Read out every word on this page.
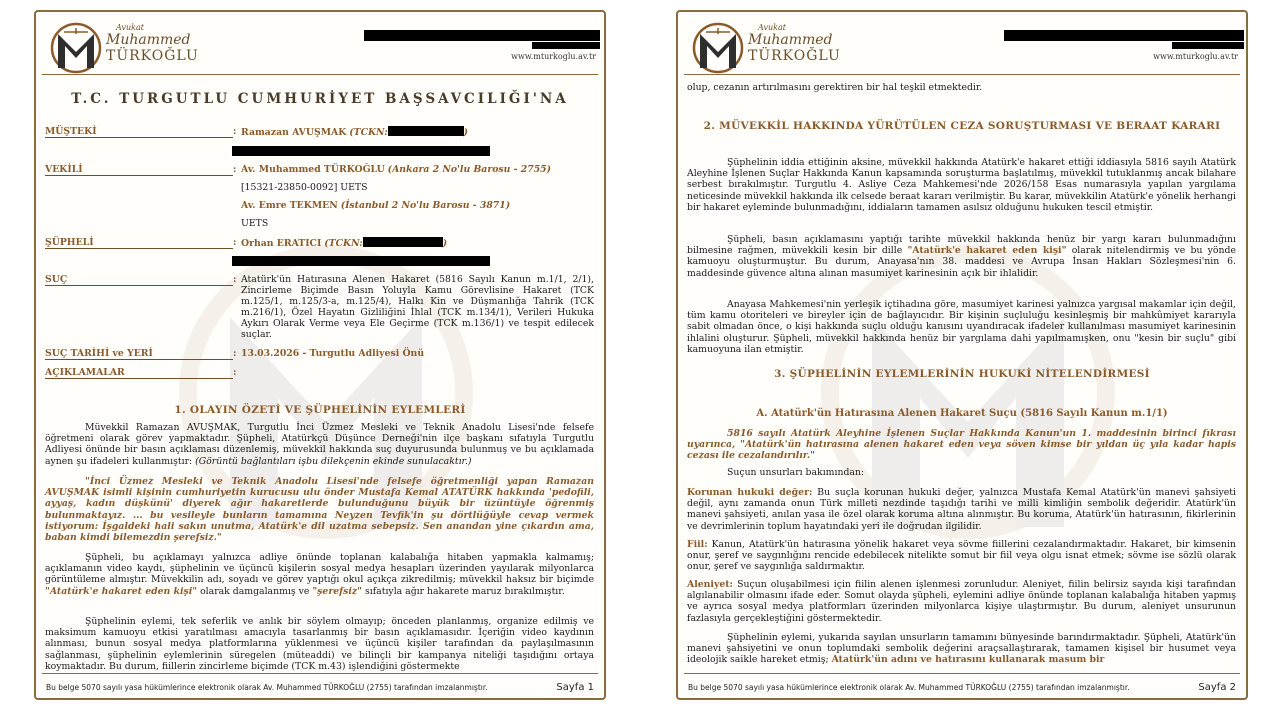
Avukat
Muhammed
TÜRKOĞLU	www.mturkoglu.av.tr
T.C. TURGUTLU CUMHURİYET BAŞSAVCILIĞI'NA
MÜŞTEKİ	: Ramazan AVUŞMAK (TCKN:	)
VEKİLİ	: Av. Muhammed TÜRKOĞLU (Ankara 2 No'lu Barosu - 2755)
[15321-23850-0092] UETS
Av. Emre TEKMEN (İstanbul 2 No'lu Barosu - 3871)
UETS
ŞÜPHELİ	: Orhan ERATICI (TCKN:	)
SUÇ	: Atatürk'ün Hatırasına Alenen Hakaret (5816 Sayılı Kanun m.1/1, 2/1), Zincirleme Biçimde Basın Yoluyla Kamu Görevlisine Hakaret (TCK m.125/1, m.125/3-a, m.125/4), Halkı Kin ve Düşmanlığa Tahrik (TCK m.216/1), Özel Hayatın Gizliliğini İhlal (TCK m.134/1), Verileri Hukuka Aykırı Olarak Verme veya Ele Geçirme (TCK m.136/1) ve tespit edilecek suçlar.
SUÇ TARİHİ ve YERİ	: 13.03.2026 - Turgutlu Adliyesi Önü
AÇIKLAMALAR	:
1. OLAYIN ÖZETİ VE ŞÜPHELİNİN EYLEMLERİ
Müvekkil Ramazan AVUŞMAK, Turgutlu İnci Üzmez Mesleki ve Teknik Anadolu Lisesi'nde felsefe öğretmeni olarak görev yapmaktadır. Şüpheli, Atatürkçü Düşünce Derneği'nin ilçe başkanı sıfatıyla Turgutlu Adliyesi önünde bir basın açıklaması düzenlemiş, müvekkil hakkında suç duyurusunda bulunmuş ve bu açıklamada aynen şu ifadeleri kullanmıştır: (Görüntü bağlantıları işbu dilekçenin ekinde sunulacaktır.)
"İnci Üzmez Mesleki ve Teknik Anadolu Lisesi'nde felsefe öğretmenliği yapan Ramazan AVUŞMAK isimli kişinin cumhuriyetin kurucusu ulu önder Mustafa Kemal ATATÜRK hakkında 'pedofili, ayyaş, kadın düşkünü' diyerek ağır hakaretlerde bulunduğunu büyük bir üzüntüyle öğrenmiş bulunmaktayız. ... bu vesileyle bunların tamamına Neyzen Tevfik'in şu dörtlüğüyle cevap vermek istiyorum: İşgaldeki hali sakın unutma, Atatürk'e dil uzatma sebepsiz. Sen anandan yine çıkardın ama, baban kimdi bilemezdin şerefsiz."
Şüpheli, bu açıklamayı yalnızca adliye önünde toplanan kalabalığa hitaben yapmakla kalmamış; açıklamanın video kaydı, şüphelinin ve üçüncü kişilerin sosyal medya hesapları üzerinden yayılarak milyonlarca görüntüleme almıştır. Müvekkilin adı, soyadı ve görev yaptığı okul açıkça zikredilmiş; müvekkil haksız bir biçimde "Atatürk'e hakaret eden kişi" olarak damgalanmış ve "şerefsiz" sıfatıyla ağır hakarete maruz bırakılmıştır.
Şüphelinin eylemi, tek seferlik ve anlık bir söylem olmayıp; önceden planlanmış, organize edilmiş ve maksimum kamuoyu etkisi yaratılması amacıyla tasarlanmış bir basın açıklamasıdır. İçeriğin video kaydının alınması, bunun sosyal medya platformlarına yüklenmesi ve üçüncü kişiler tarafından da paylaşılmasının sağlanması, şüphelinin eylemlerinin süregelen (müteaddi) ve bilinçli bir kampanya niteliği taşıdığını ortaya koymaktadır. Bu durum, fiillerin zincirleme biçimde (TCK m.43) işlendiğini göstermekte
Bu belge 5070 sayılı yasa hükümlerince elektronik olarak Av. Muhammed TÜRKOĞLU (2755) tarafından imzalanmıştır.	Sayfa 1
Avukat
Muhammed
TÜRKOĞLU	www.mturkoglu.av.tr
olup, cezanın artırılmasını gerektiren bir hal teşkil etmektedir.
2. MÜVEKKİL HAKKINDA YÜRÜTÜLEN CEZA SORUŞTURMASI VE BERAAT KARARI
Şüphelinin iddia ettiğinin aksine, müvekkil hakkında Atatürk'e hakaret ettiği iddiasıyla 5816 sayılı Atatürk Aleyhine İşlenen Suçlar Hakkında Kanun kapsamında soruşturma başlatılmış, müvekkil tutuklanmış ancak bilahare serbest bırakılmıştır. Turgutlu 4. Asliye Ceza Mahkemesi'nde 2026/158 Esas numarasıyla yapılan yargılama neticesinde müvekkil hakkında ilk celsede beraat kararı verilmiştir. Bu karar, müvekkilin Atatürk'e yönelik herhangi bir hakaret eyleminde bulunmadığını, iddiaların tamamen asılsız olduğunu hukuken tescil etmiştir.
Şüpheli, basın açıklamasını yaptığı tarihte müvekkil hakkında henüz bir yargı kararı bulunmadığını bilmesine rağmen, müvekkili kesin bir dille "Atatürk'e hakaret eden kişi" olarak nitelendirmiş ve bu yönde kamuoyu oluşturmuştur. Bu durum, Anayasa'nın 38. maddesi ve Avrupa İnsan Hakları Sözleşmesi'nin 6. maddesinde güvence altına alınan masumiyet karinesinin açık bir ihlalidir.
Anayasa Mahkemesi'nin yerleşik içtihadına göre, masumiyet karinesi yalnızca yargısal makamlar için değil, tüm kamu otoriteleri ve bireyler için de bağlayıcıdır. Bir kişinin suçluluğu kesinleşmiş bir mahkûmiyet kararıyla sabit olmadan önce, o kişi hakkında suçlu olduğu kanısını uyandıracak ifadeler kullanılması masumiyet karinesinin ihlalini oluşturur. Şüpheli, müvekkil hakkında henüz bir yargılama dahi yapılmamışken, onu "kesin bir suçlu" gibi kamuoyuna ilan etmiştir.
3. ŞÜPHELİNİN EYLEMLERİNİN HUKUKİ NİTELENDİRMESİ
A. Atatürk'ün Hatırasına Alenen Hakaret Suçu (5816 Sayılı Kanun m.1/1)
5816 sayılı Atatürk Aleyhine İşlenen Suçlar Hakkında Kanun'un 1. maddesinin birinci fıkrası uyarınca, "Atatürk'ün hatırasına alenen hakaret eden veya söven kimse bir yıldan üç yıla kadar hapis cezası ile cezalandırılır."
Suçun unsurları bakımından:
Korunan hukuki değer: Bu suçla korunan hukuki değer, yalnızca Mustafa Kemal Atatürk'ün manevi şahsiyeti değil, aynı zamanda onun Türk milleti nezdinde taşıdığı tarihi ve milli kimliğin sembolik değeridir. Atatürk'ün manevi şahsiyeti, anılan yasa ile özel olarak koruma altına alınmıştır. Bu koruma, Atatürk'ün hatırasının, fikirlerinin ve devrimlerinin toplum hayatındaki yeri ile doğrudan ilgilidir.
Fiil: Kanun, Atatürk'ün hatırasına yönelik hakaret veya sövme fiillerini cezalandırmaktadır. Hakaret, bir kimsenin onur, şeref ve saygınlığını rencide edebilecek nitelikte somut bir fiil veya olgu isnat etmek; sövme ise sözlü olarak onur, şeref ve saygınlığa saldırmaktır.
Aleniyet: Suçun oluşabilmesi için fiilin alenen işlenmesi zorunludur. Aleniyet, fiilin belirsiz sayıda kişi tarafından algılanabilir olmasını ifade eder. Somut olayda şüpheli, eylemini adliye önünde toplanan kalabalığa hitaben yapmış ve ayrıca sosyal medya platformları üzerinden milyonlarca kişiye ulaştırmıştır. Bu durum, aleniyet unsurunun fazlasıyla gerçekleştiğini göstermektedir.
Şüphelinin eylemi, yukarıda sayılan unsurların tamamını bünyesinde barındırmaktadır. Şüpheli, Atatürk'ün manevi şahsiyetini ve onun toplumdaki sembolik değerini araçsallaştırarak, tamamen kişisel bir husumet veya ideolojik saikle hareket etmiş; Atatürk'ün adını ve hatırasını kullanarak masum bir
Bu belge 5070 sayılı yasa hükümlerince elektronik olarak Av. Muhammed TÜRKOĞLU (2755) tarafından imzalanmıştır.	Sayfa 2
